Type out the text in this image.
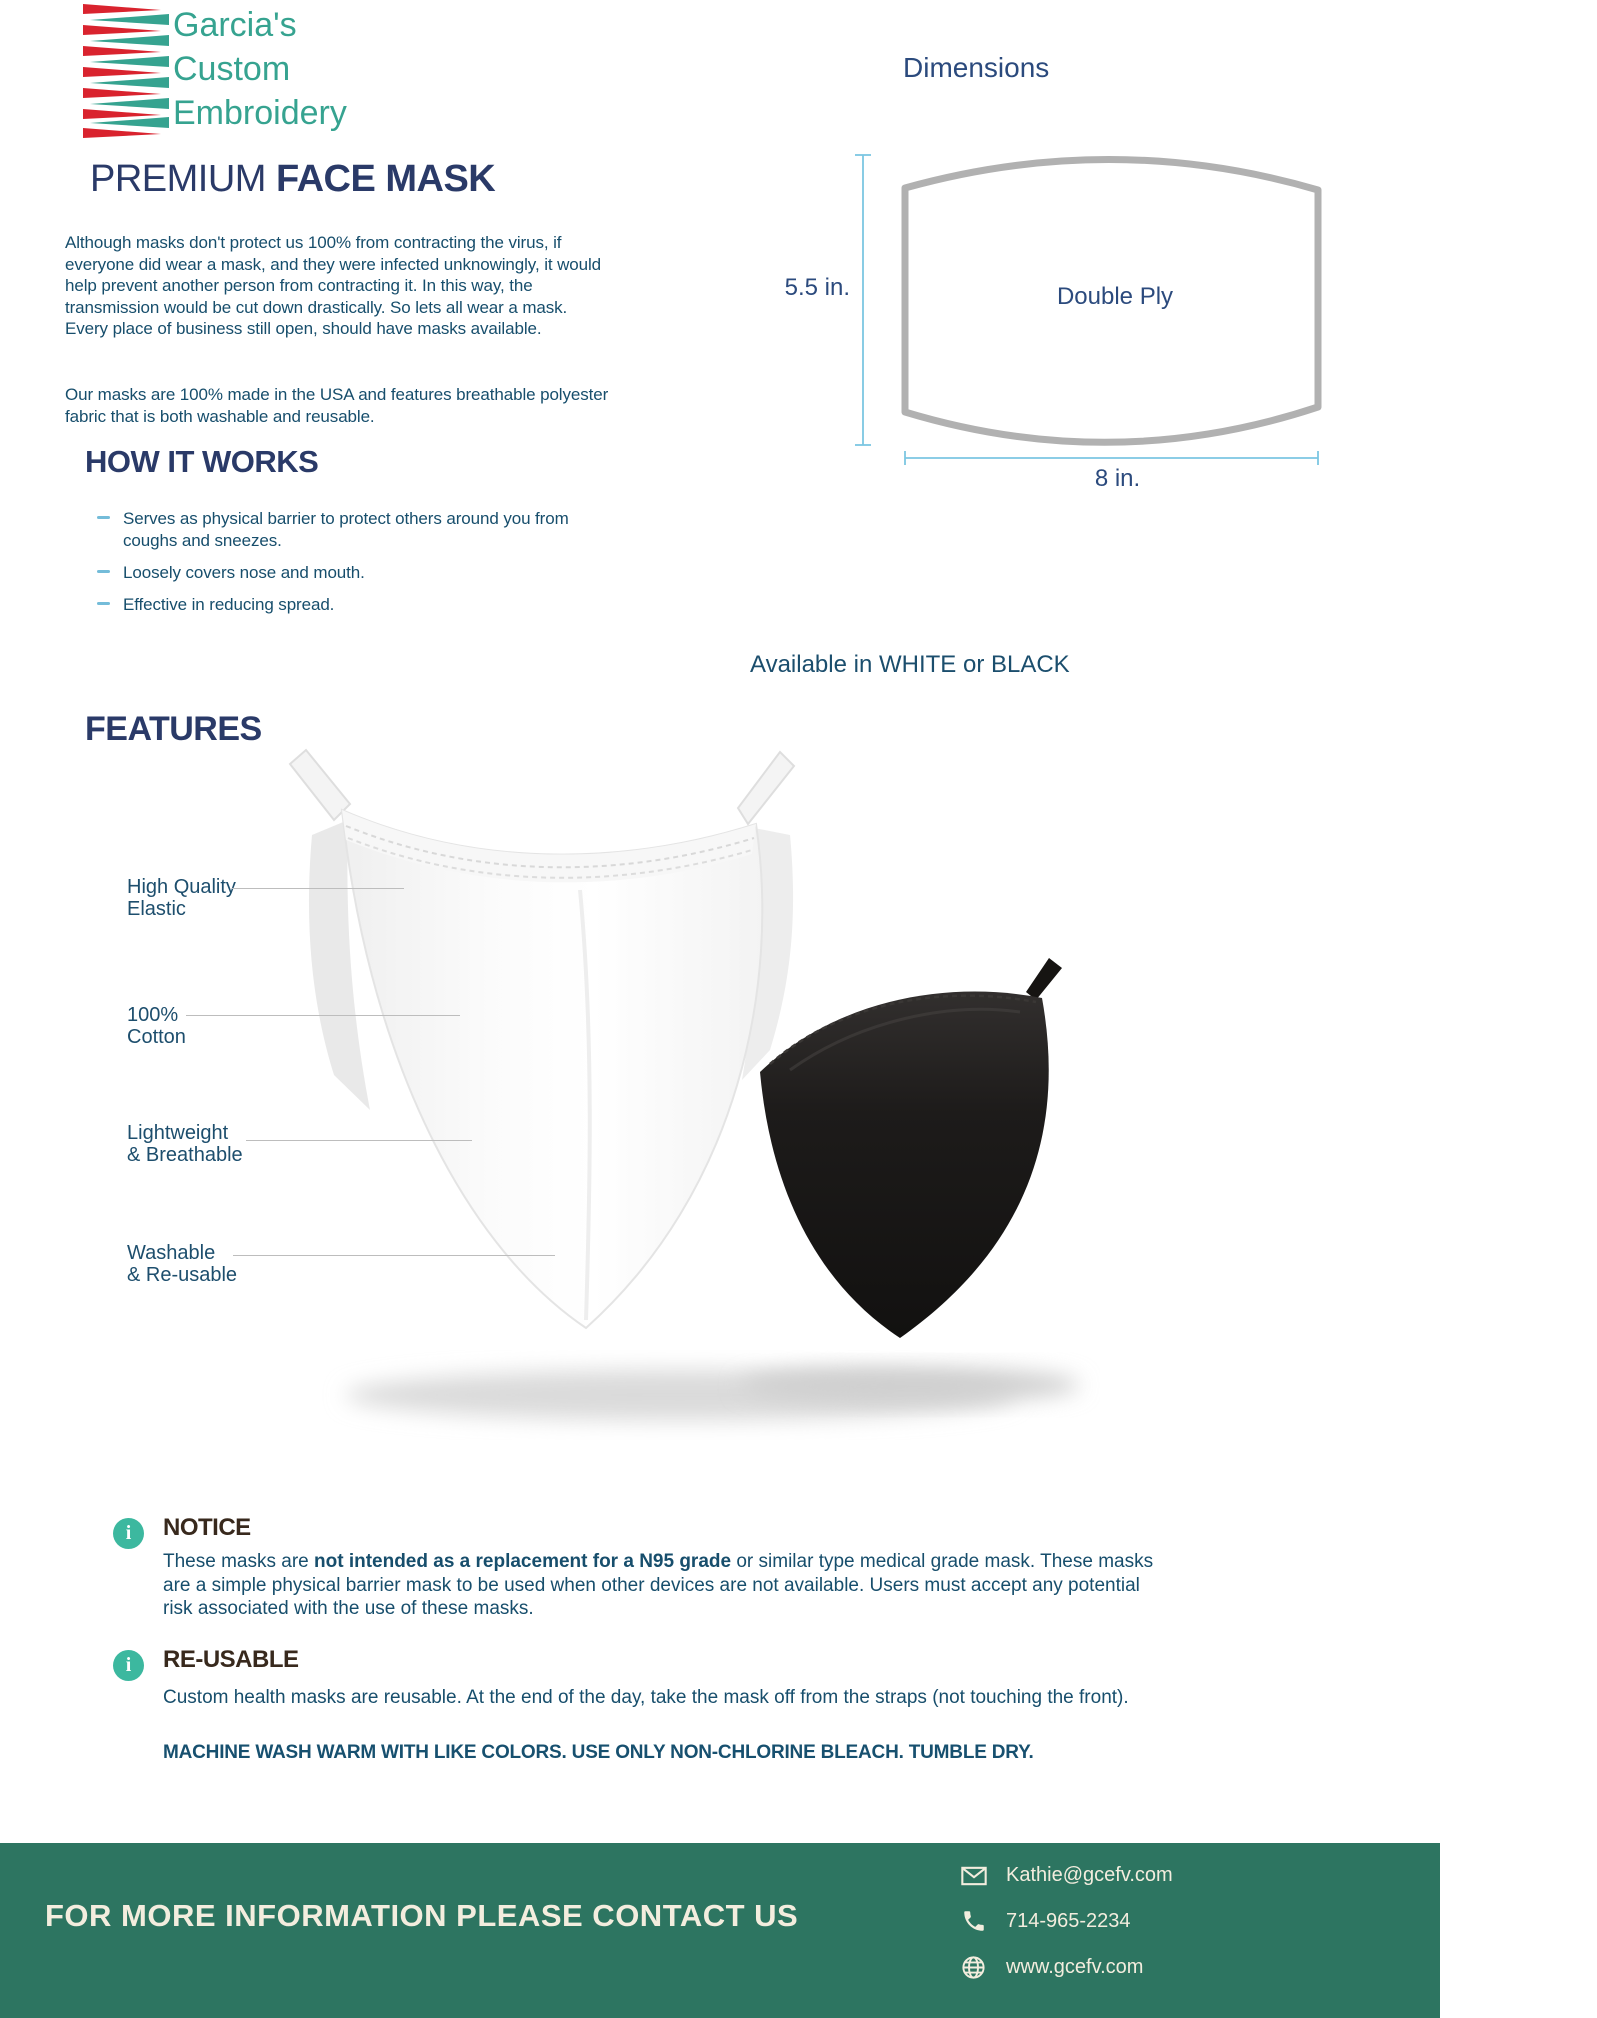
Garcia's
Custom
Embroidery
PREMIUM FACE MASK
Although masks don't protect us 100% from contracting the virus, if everyone did wear a mask, and they were infected unknowingly, it would help prevent another person from contracting it. In this way, the transmission would be cut down drastically. So lets all wear a mask. Every place of business still open, should have masks available.
Our masks are 100% made in the USA and features breathable polyester fabric that is both washable and reusable.
HOW IT WORKS
Serves as physical barrier to protect others around you from coughs and sneezes.
Loosely covers nose and mouth.
Effective in reducing spread.
Dimensions
5.5 in.	Double Ply
8 in.
Available in WHITE or BLACK
FEATURES
High Quality
Elastic
100%
Cotton
Lightweight
& Breathable
Washable
& Re-usable
i	NOTICE
These masks are not intended as a replacement for a N95 grade or similar type medical grade mask. These masks are a simple physical barrier mask to be used when other devices are not available. Users must accept any potential risk associated with the use of these masks.
i	RE-USABLE
Custom health masks are reusable. At the end of the day, take the mask off from the straps (not touching the front).
MACHINE WASH WARM WITH LIKE COLORS. USE ONLY NON-CHLORINE BLEACH. TUMBLE DRY.
FOR MORE INFORMATION PLEASE CONTACT US
Kathie@gcefv.com
714-965-2234
www.gcefv.com
